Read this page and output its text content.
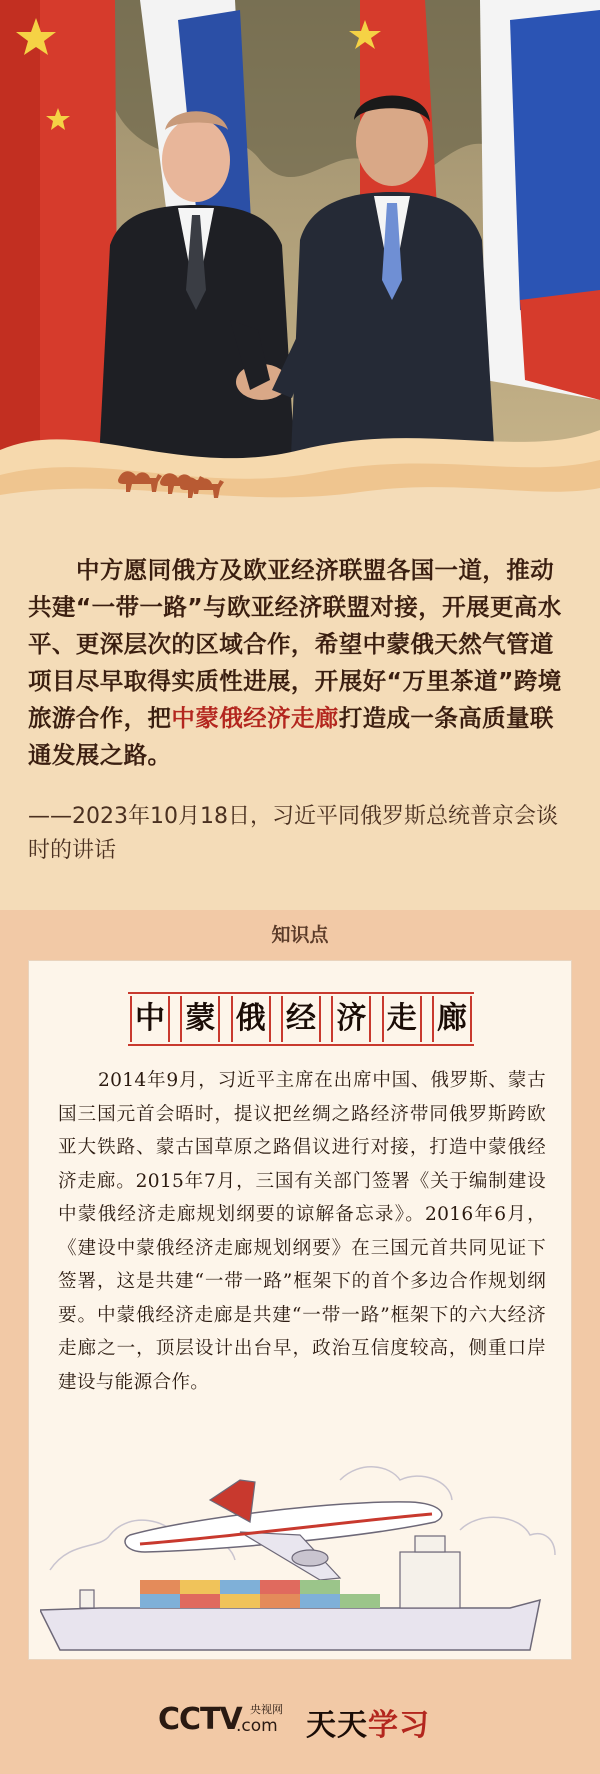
中方愿同俄方及欧亚经济联盟各国一道，推动共建“一带一路”与欧亚经济联盟对接，开展更高水平、更深层次的区域合作，希望中蒙俄天然气管道项目尽早取得实质性进展，开展好“万里茶道”跨境旅游合作，把中蒙俄经济走廊打造成一条高质量联通发展之路。
——2023年10月18日，习近平同俄罗斯总统普京会谈时的讲话
知识点
中 蒙 俄 经 济 走 廊
2014年9月，习近平主席在出席中国、俄罗斯、蒙古国三国元首会晤时，提议把丝绸之路经济带同俄罗斯跨欧亚大铁路、蒙古国草原之路倡议进行对接，打造中蒙俄经济走廊。2015年7月，三国有关部门签署《关于编制建设中蒙俄经济走廊规划纲要的谅解备忘录》。2016年6月，《建设中蒙俄经济走廊规划纲要》在三国元首共同见证下签署，这是共建“一带一路”框架下的首个多边合作规划纲要。中蒙俄经济走廊是共建“一带一路”框架下的六大经济走廊之一，顶层设计出台早，政治互信度较高，侧重口岸建设与能源合作。
CCTV 央视网
.com 天天学习
